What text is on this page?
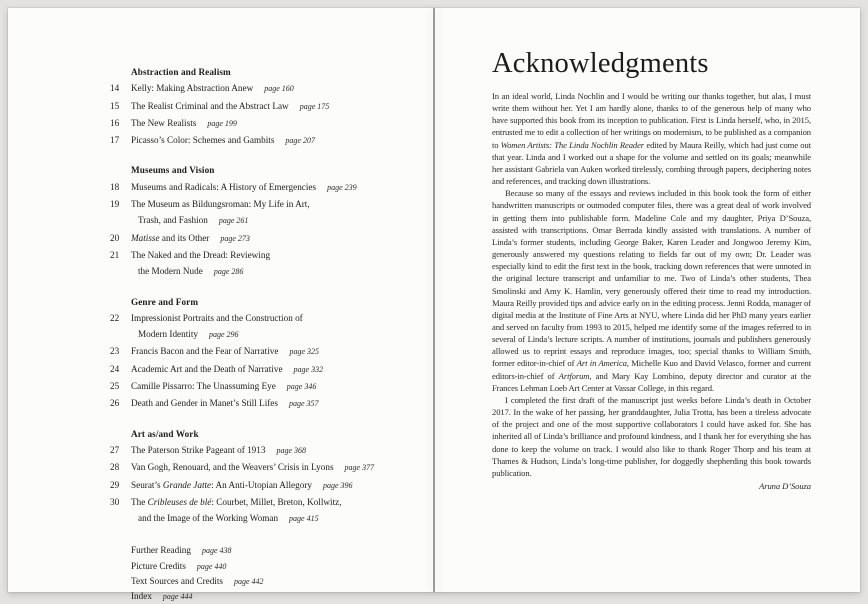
Abstraction and Realism
14	Kelly: Making Abstraction Anew page 160
15	The Realist Criminal and the Abstract Law page 175
16	The New Realists page 199
17	Picasso’s Color: Schemes and Gambits page 207
Museums and Vision
18	Museums and Radicals: A History of Emergencies page 239
19	The Museum as Bildungsroman: My Life in Art,
Trash, and Fashion page 261
20	Matisse and its Other page 273
21	The Naked and the Dread: Reviewing
the Modern Nude page 286
Genre and Form
22	Impressionist Portraits and the Construction of
Modern Identity page 296
23	Francis Bacon and the Fear of Narrative page 325
24	Academic Art and the Death of Narrative page 332
25	Camille Pissarro: The Unassuming Eye page 346
26	Death and Gender in Manet’s Still Lifes page 357
Art as/and Work
27	The Paterson Strike Pageant of 1913 page 368
28	Van Gogh, Renouard, and the Weavers’ Crisis in Lyons page 377
29	Seurat’s Grande Jatte: An Anti-Utopian Allegory page 396
30	The Cribleuses de blé: Courbet, Millet, Breton, Kollwitz,
and the Image of the Working Woman page 415
Further Reading page 438
Picture Credits page 440
Text Sources and Credits page 442
Index page 444
Acknowledgments

In an ideal world, Linda Nochlin and I would be writing our thanks together, but alas, I must write them without her. Yet I am hardly alone, thanks to of the generous help of many who have supported this book from its inception to publication. First is Linda herself, who, in 2015, entrusted me to edit a collection of her writings on modernism, to be published as a companion to Women Artists: The Linda Nochlin Reader edited by Maura Reilly, which had just come out that year. Linda and I worked out a shape for the volume and settled on its goals; meanwhile her assistant Gabriela van Auken worked tirelessly, combing through papers, deciphering notes and references, and tracking down illustrations.

Because so many of the essays and reviews included in this book took the form of either handwritten manuscripts or outmoded computer files, there was a great deal of work involved in getting them into publishable form. Madeline Cole and my daughter, Priya D’Souza, assisted with transcriptions. Omar Berrada kindly assisted with translations. A number of Linda’s former students, including George Baker, Karen Leader and Jongwoo Jeremy Kim, generously answered my questions relating to fields far out of my own; Dr. Leader was especially kind to edit the first text in the book, tracking down references that were unnoted in the original lecture transcript and unfamiliar to me. Two of Linda’s other students, Thea Smolinski and Amy K. Hamlin, very generously offered their time to read my introduction. Maura Reilly provided tips and advice early on in the editing process. Jenni Rodda, manager of digital media at the Institute of Fine Arts at NYU, where Linda did her PhD many years earlier and served on faculty from 1993 to 2015, helped me identify some of the images referred to in several of Linda’s lecture scripts. A number of institutions, journals and publishers generously allowed us to reprint essays and reproduce images, too; special thanks to William Smith, former editor-in-chief of Art in America, Michelle Kuo and David Velasco, former and current editors-in-chief of Artforum, and Mary Kay Lombino, deputy director and curator at the Frances Lehman Loeb Art Center at Vassar College, in this regard.

I completed the first draft of the manuscript just weeks before Linda’s death in October 2017. In the wake of her passing, her granddaughter, Julia Trotta, has been a tireless advocate of the project and one of the most supportive collaborators I could have asked for. She has inherited all of Linda’s brilliance and profound kindness, and I thank her for everything she has done to keep the volume on track. I would also like to thank Roger Thorp and his team at Thames & Hudson, Linda’s long-time publisher, for doggedly shepherding this book towards publication.

Aruna D’Souza
